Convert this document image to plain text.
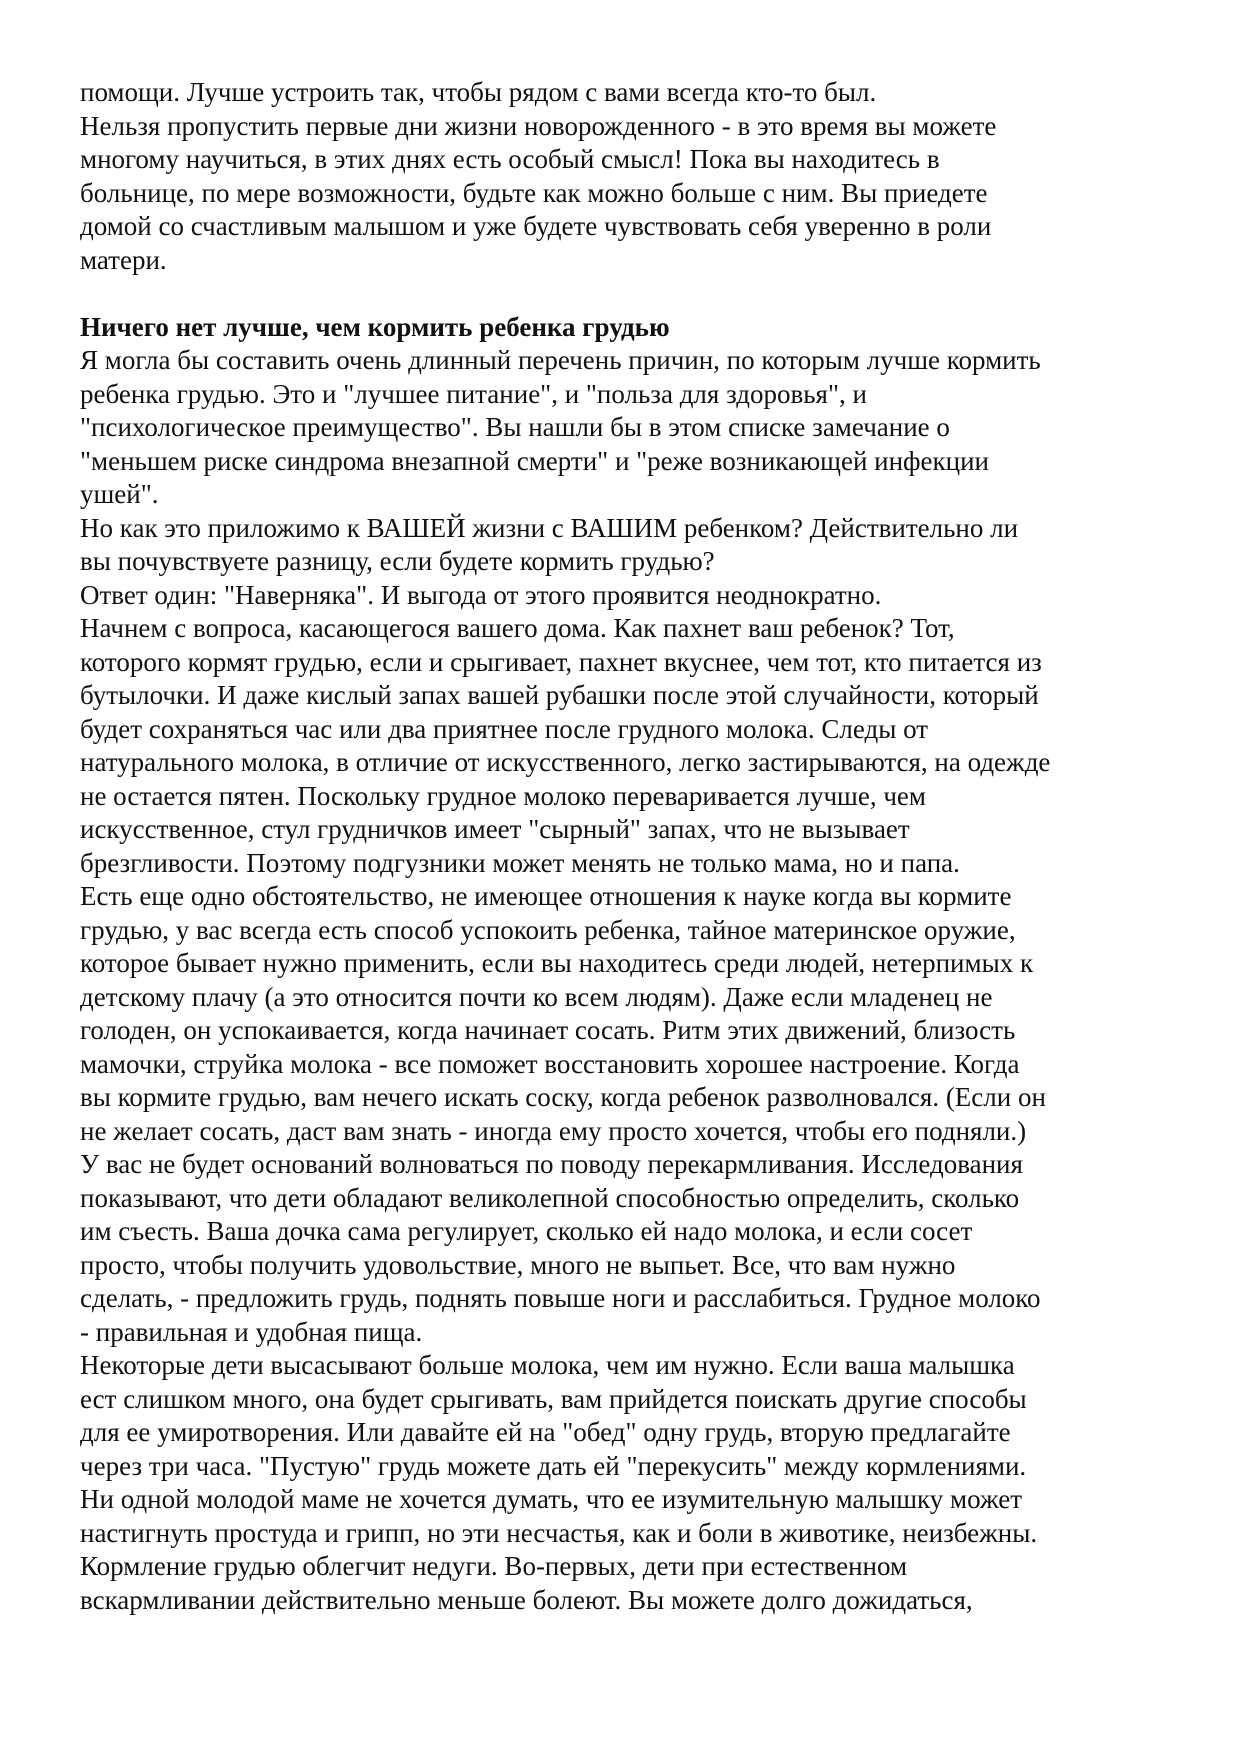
помощи. Лучше устроить так, чтобы рядом с вами всегда кто-то был.
Нельзя пропустить первые дни жизни новорожденного - в это время вы можете
многому научиться, в этих днях есть особый смысл! Пока вы находитесь в
больнице, по мере возможности, будьте как можно больше с ним. Вы приедете
домой со счастливым малышом и уже будете чувствовать себя уверенно в роли
матери.
Ничего нет лучше, чем кормить ребенка грудью
Я могла бы составить очень длинный перечень причин, по которым лучше кормить
ребенка грудью. Это и "лучшее питание", и "польза для здоровья", и
"психологическое преимущество". Вы нашли бы в этом списке замечание о
"меньшем риске синдрома внезапной смерти" и "реже возникающей инфекции
ушей".
Но как это приложимо к ВАШЕЙ жизни с ВАШИМ ребенком? Действительно ли
вы почувствуете разницу, если будете кормить грудью?
Ответ один: "Наверняка". И выгода от этого проявится неоднократно.
Начнем с вопроса, касающегося вашего дома. Как пахнет ваш ребенок? Тот,
которого кормят грудью, если и срыгивает, пахнет вкуснее, чем тот, кто питается из
бутылочки. И даже кислый запах вашей рубашки после этой случайности, который
будет сохраняться час или два приятнее после грудного молока. Следы от
натурального молока, в отличие от искусственного, легко застирываются, на одежде
не остается пятен. Поскольку грудное молоко переваривается лучше, чем
искусственное, стул грудничков имеет "сырный" запах, что не вызывает
брезгливости. Поэтому подгузники может менять не только мама, но и папа.
Есть еще одно обстоятельство, не имеющее отношения к науке когда вы кормите
грудью, у вас всегда есть способ успокоить ребенка, тайное материнское оружие,
которое бывает нужно применить, если вы находитесь среди людей, нетерпимых к
детскому плачу (а это относится почти ко всем людям). Даже если младенец не
голоден, он успокаивается, когда начинает сосать. Ритм этих движений, близость
мамочки, струйка молока - все поможет восстановить хорошее настроение. Когда
вы кормите грудью, вам нечего искать соску, когда ребенок разволновался. (Если он
не желает сосать, даст вам знать - иногда ему просто хочется, чтобы его подняли.)
У вас не будет оснований волноваться по поводу перекармливания. Исследования
показывают, что дети обладают великолепной способностью определить, сколько
им съесть. Ваша дочка сама регулирует, сколько ей надо молока, и если сосет
просто, чтобы получить удовольствие, много не выпьет. Все, что вам нужно
сделать, - предложить грудь, поднять повыше ноги и расслабиться. Грудное молоко
- правильная и удобная пища.
Некоторые дети высасывают больше молока, чем им нужно. Если ваша малышка
ест слишком много, она будет срыгивать, вам прийдется поискать другие способы
для ее умиротворения. Или давайте ей на "обед" одну грудь, вторую предлагайте
через три часа. "Пустую" грудь можете дать ей "перекусить" между кормлениями.
Ни одной молодой маме не хочется думать, что ее изумительную малышку может
настигнуть простуда и грипп, но эти несчастья, как и боли в животике, неизбежны.
Кормление грудью облегчит недуги. Во-первых, дети при естественном
вскармливании действительно меньше болеют. Вы можете долго дожидаться,
